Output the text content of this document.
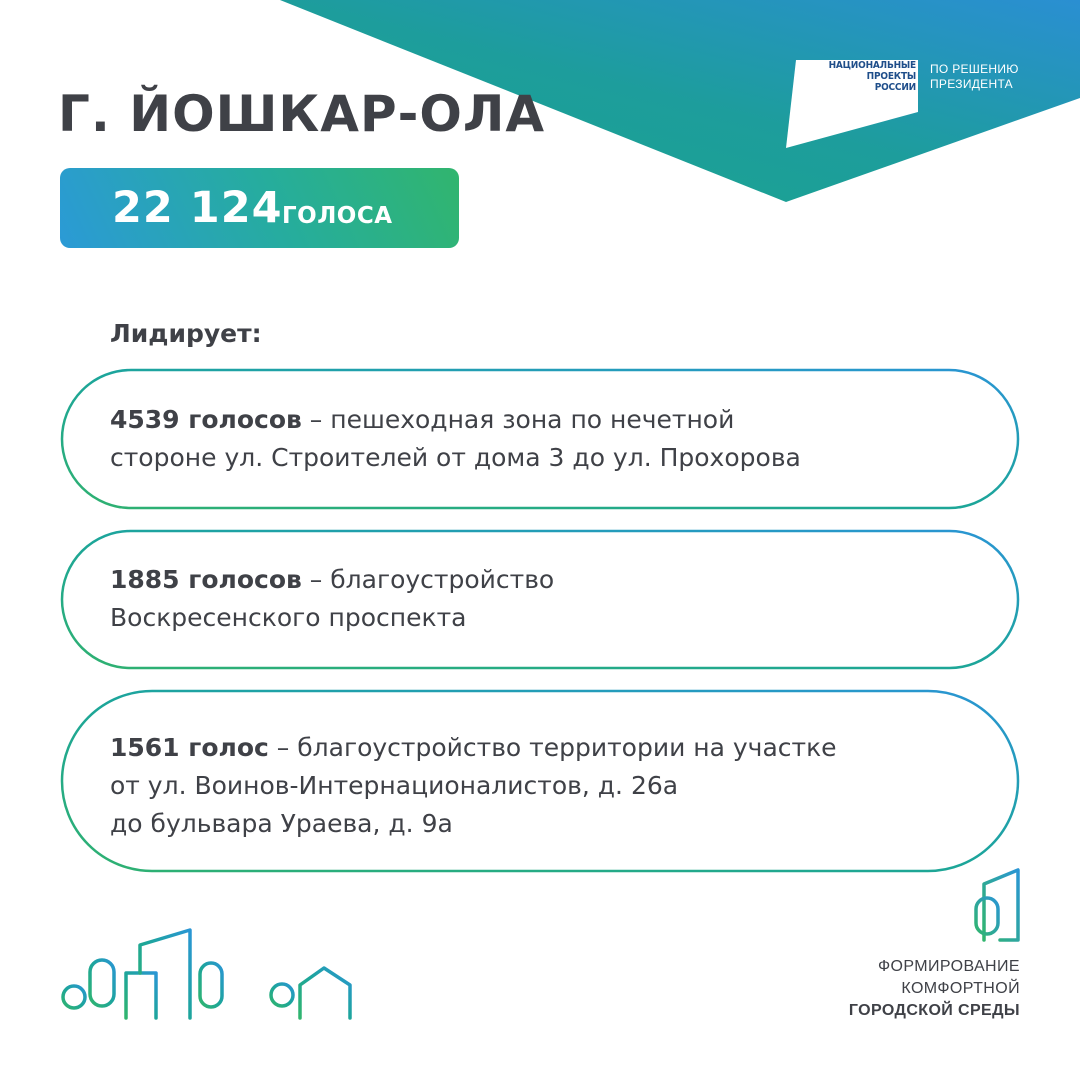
НАЦИОНАЛЬНЫЕ
ПРОЕКТЫ
РОССИИ
ПО РЕШЕНИЮ
ПРЕЗИДЕНТА
Г. ЙОШКАР-ОЛА
22 124 ГОЛОСА
Лидирует:
4539 голосов – пешеходная зона по нечетной
стороне ул. Строителей от дома 3 до ул. Прохорова
1885 голосов – благоустройство
Воскресенского проспекта
1561 голос – благоустройство территории на участке
от ул. Воинов-Интернационалистов, д. 26а
до бульвара Ураева, д. 9а
ФОРМИРОВАНИЕ
КОМФОРТНОЙ
ГОРОДСКОЙ СРЕДЫ
